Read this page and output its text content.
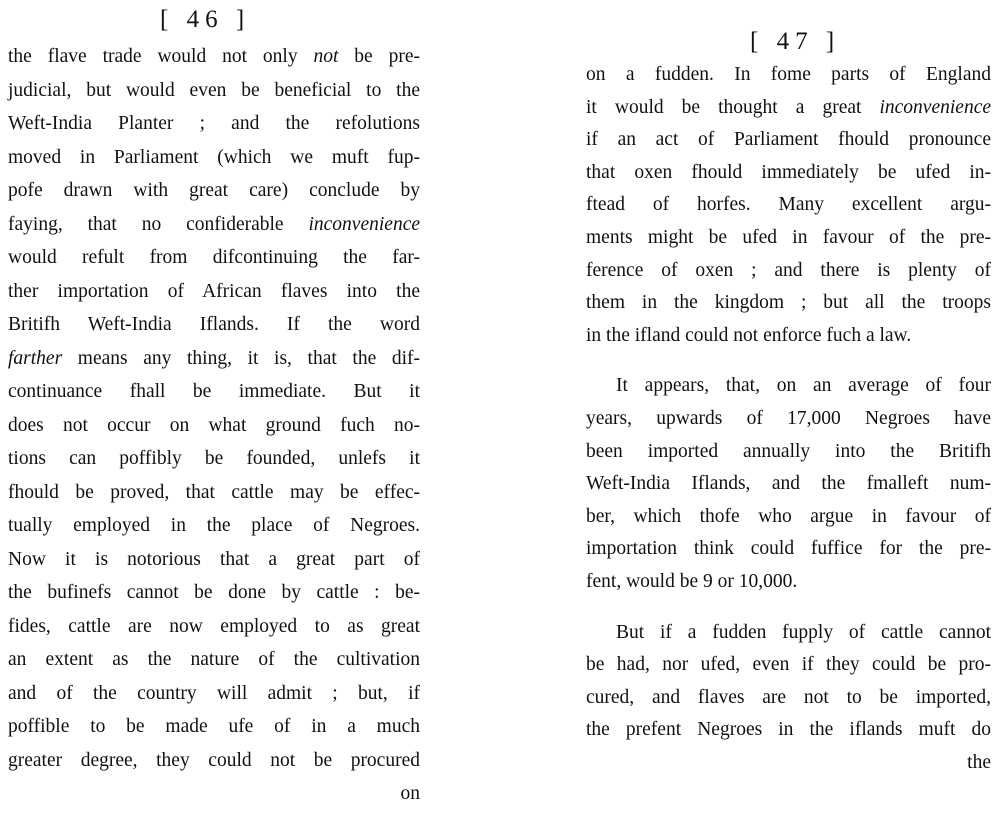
[ 46 ]
the flave trade would not only not be pre-
judicial, but would even be beneficial to the
Weft-India Planter ; and the refolutions
moved in Parliament (which we muft fup-
pofe drawn with great care) conclude by
faying, that no confiderable inconvenience
would refult from difcontinuing the far-
ther importation of African flaves into the
Britifh Weft-India Iflands. If the word
farther means any thing, it is, that the dif-
continuance fhall be immediate. But it
does not occur on what ground fuch no-
tions can poffibly be founded, unlefs it
fhould be proved, that cattle may be effec-
tually employed in the place of Negroes.
Now it is notorious that a great part of
the bufinefs cannot be done by cattle : be-
fides, cattle are now employed to as great
an extent as the nature of the cultivation
and of the country will admit ; but, if
poffible to be made ufe of in a much
greater degree, they could not be procured
on
[ 47 ]
on a fudden. In fome parts of England
it would be thought a great inconvenience
if an act of Parliament fhould pronounce
that oxen fhould immediately be ufed in-
ftead of horfes. Many excellent argu-
ments might be ufed in favour of the pre-
ference of oxen ; and there is plenty of
them in the kingdom ; but all the troops
in the ifland could not enforce fuch a law.
It appears, that, on an average of four
years, upwards of 17,000 Negroes have
been imported annually into the Britifh
Weft-India Iflands, and the fmalleft num-
ber, which thofe who argue in favour of
importation think could fuffice for the pre-
fent, would be 9 or 10,000.
But if a fudden fupply of cattle cannot
be had, nor ufed, even if they could be pro-
cured, and flaves are not to be imported,
the prefent Negroes in the iflands muft do
the
